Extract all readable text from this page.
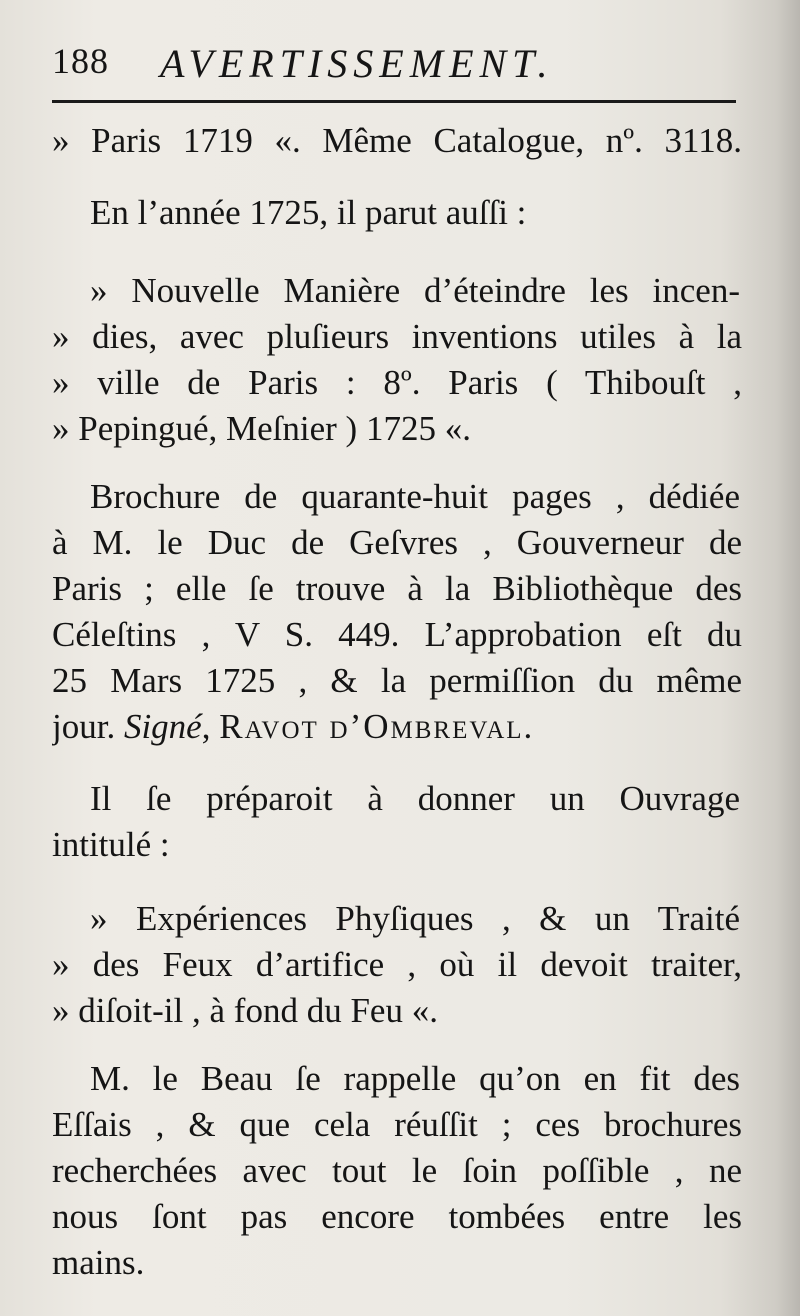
188 AVERTISSEMENT.
» Paris 1719 «. Même Catalogue, nº. 3118.
En l’année 1725, il parut auſſi :
» Nouvelle Manière d’éteindre les incen-
» dies, avec pluſieurs inventions utiles à la
» ville de Paris : 8º. Paris ( Thibouſt ,
» Pepingué, Meſnier ) 1725 «.
Brochure de quarante-huit pages , dédiée
à M. le Duc de Geſvres , Gouverneur de
Paris ; elle ſe trouve à la Bibliothèque des
Céleſtins , V S. 449. L’approbation eſt du
25 Mars 1725 , & la permiſſion du même
jour. Signé, Ravot d’Ombreval.
Il ſe préparoit à donner un Ouvrage
intitulé :
» Expériences Phyſiques , & un Traité
» des Feux d’artifice , où il devoit traiter,
» diſoit-il , à fond du Feu «.
M. le Beau ſe rappelle qu’on en fit des
Eſſais , & que cela réuſſit ; ces brochures
recherchées avec tout le ſoin poſſible , ne
nous ſont pas encore tombées entre les
mains.
